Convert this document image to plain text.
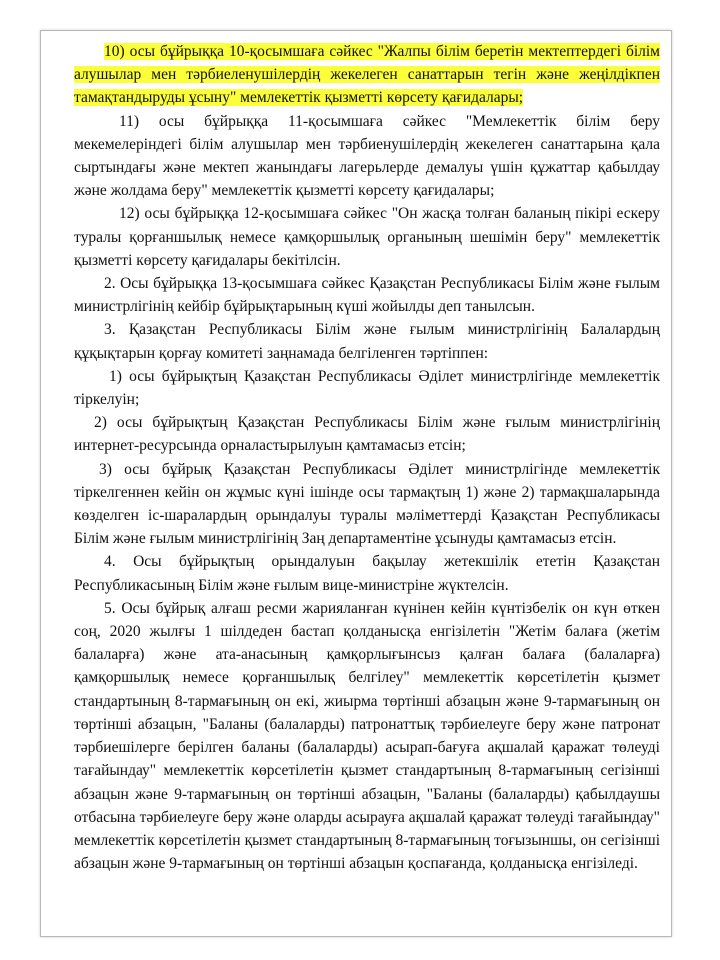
10) осы бұйрыққа 10-қосымшаға сәйкес "Жалпы білім беретін мектептердегі білім алушылар мен тәрбиеленушілердің жекелеген санаттарын тегін және жеңілдікпен тамақтандыруды ұсыну" мемлекеттік қызметті көрсету қағидалары;

11) осы бұйрыққа 11-қосымшаға сәйкес "Мемлекеттік білім беру мекемелеріндегі білім алушылар мен тәрбиенушілердің жекелеген санаттарына қала сыртындағы және мектеп жанындағы лагерьлерде демалуы үшін құжаттар қабылдау және жолдама беру" мемлекеттік қызметті көрсету қағидалары;

12) осы бұйрыққа 12-қосымшаға сәйкес "Он жасқа толған баланың пікірі ескеру туралы қорғаншылық немесе қамқоршылық органының шешімін беру" мемлекеттік қызметті көрсету қағидалары бекітілсін.

2. Осы бұйрыққа 13-қосымшаға сәйкес Қазақстан Республикасы Білім және ғылым министрлігінің кейбір бұйрықтарының күші жойылды деп танылсын.

3. Қазақстан Республикасы Білім және ғылым министрлігінің Балалардың құқықтарын қорғау комитеті заңнамада белгіленген тәртіппен:

1) осы бұйрықтың Қазақстан Республикасы Әділет министрлігінде мемлекеттік тіркелуін;

2) осы бұйрықтың Қазақстан Республикасы Білім және ғылым министрлігінің интернет-ресурсында орналастырылуын қамтамасыз етсін;

3) осы бұйрық Қазақстан Республикасы Әділет министрлігінде мемлекеттік тіркелгеннен кейін он жұмыс күні ішінде осы тармақтың 1) және 2) тармақшаларында көзделген іс-шаралардың орындалуы туралы мәліметтерді Қазақстан Республикасы Білім және ғылым министрлігінің Заң департаментіне ұсынуды қамтамасыз етсін.

4. Осы бұйрықтың орындалуын бақылау жетекшілік ететін Қазақстан Республикасының Білім және ғылым вице-министріне жүктелсін.

5. Осы бұйрық алғаш ресми жарияланған күнінен кейін күнтізбелік он күн өткен соң, 2020 жылғы 1 шілдеден бастап қолданысқа енгізілетін "Жетім балаға (жетім балаларға) және ата-анасының қамқорлығынсыз қалған балаға (балаларға) қамқоршылық немесе қорғаншылық белгілеу" мемлекеттік көрсетілетін қызмет стандартының 8-тармағының он екі, жиырма төртінші абзацын және 9-тармағының он төртінші абзацын, "Баланы (балаларды) патронаттық тәрбиелеуге беру және патронат тәрбиешілерге берілген баланы (балаларды) асырап-бағуға ақшалай қаражат төлеуді тағайындау" мемлекеттік көрсетілетін қызмет стандартының 8-тармағының сегізінші абзацын және 9-тармағының он төртінші абзацын, "Баланы (балаларды) қабылдаушы отбасына тәрбиелеуге беру және оларды асырауға ақшалай қаражат төлеуді тағайындау" мемлекеттік көрсетілетін қызмет стандартының 8-тармағының тоғызыншы, он сегізінші абзацын және 9-тармағының он төртінші абзацын қоспағанда, қолданысқа енгізіледі.
